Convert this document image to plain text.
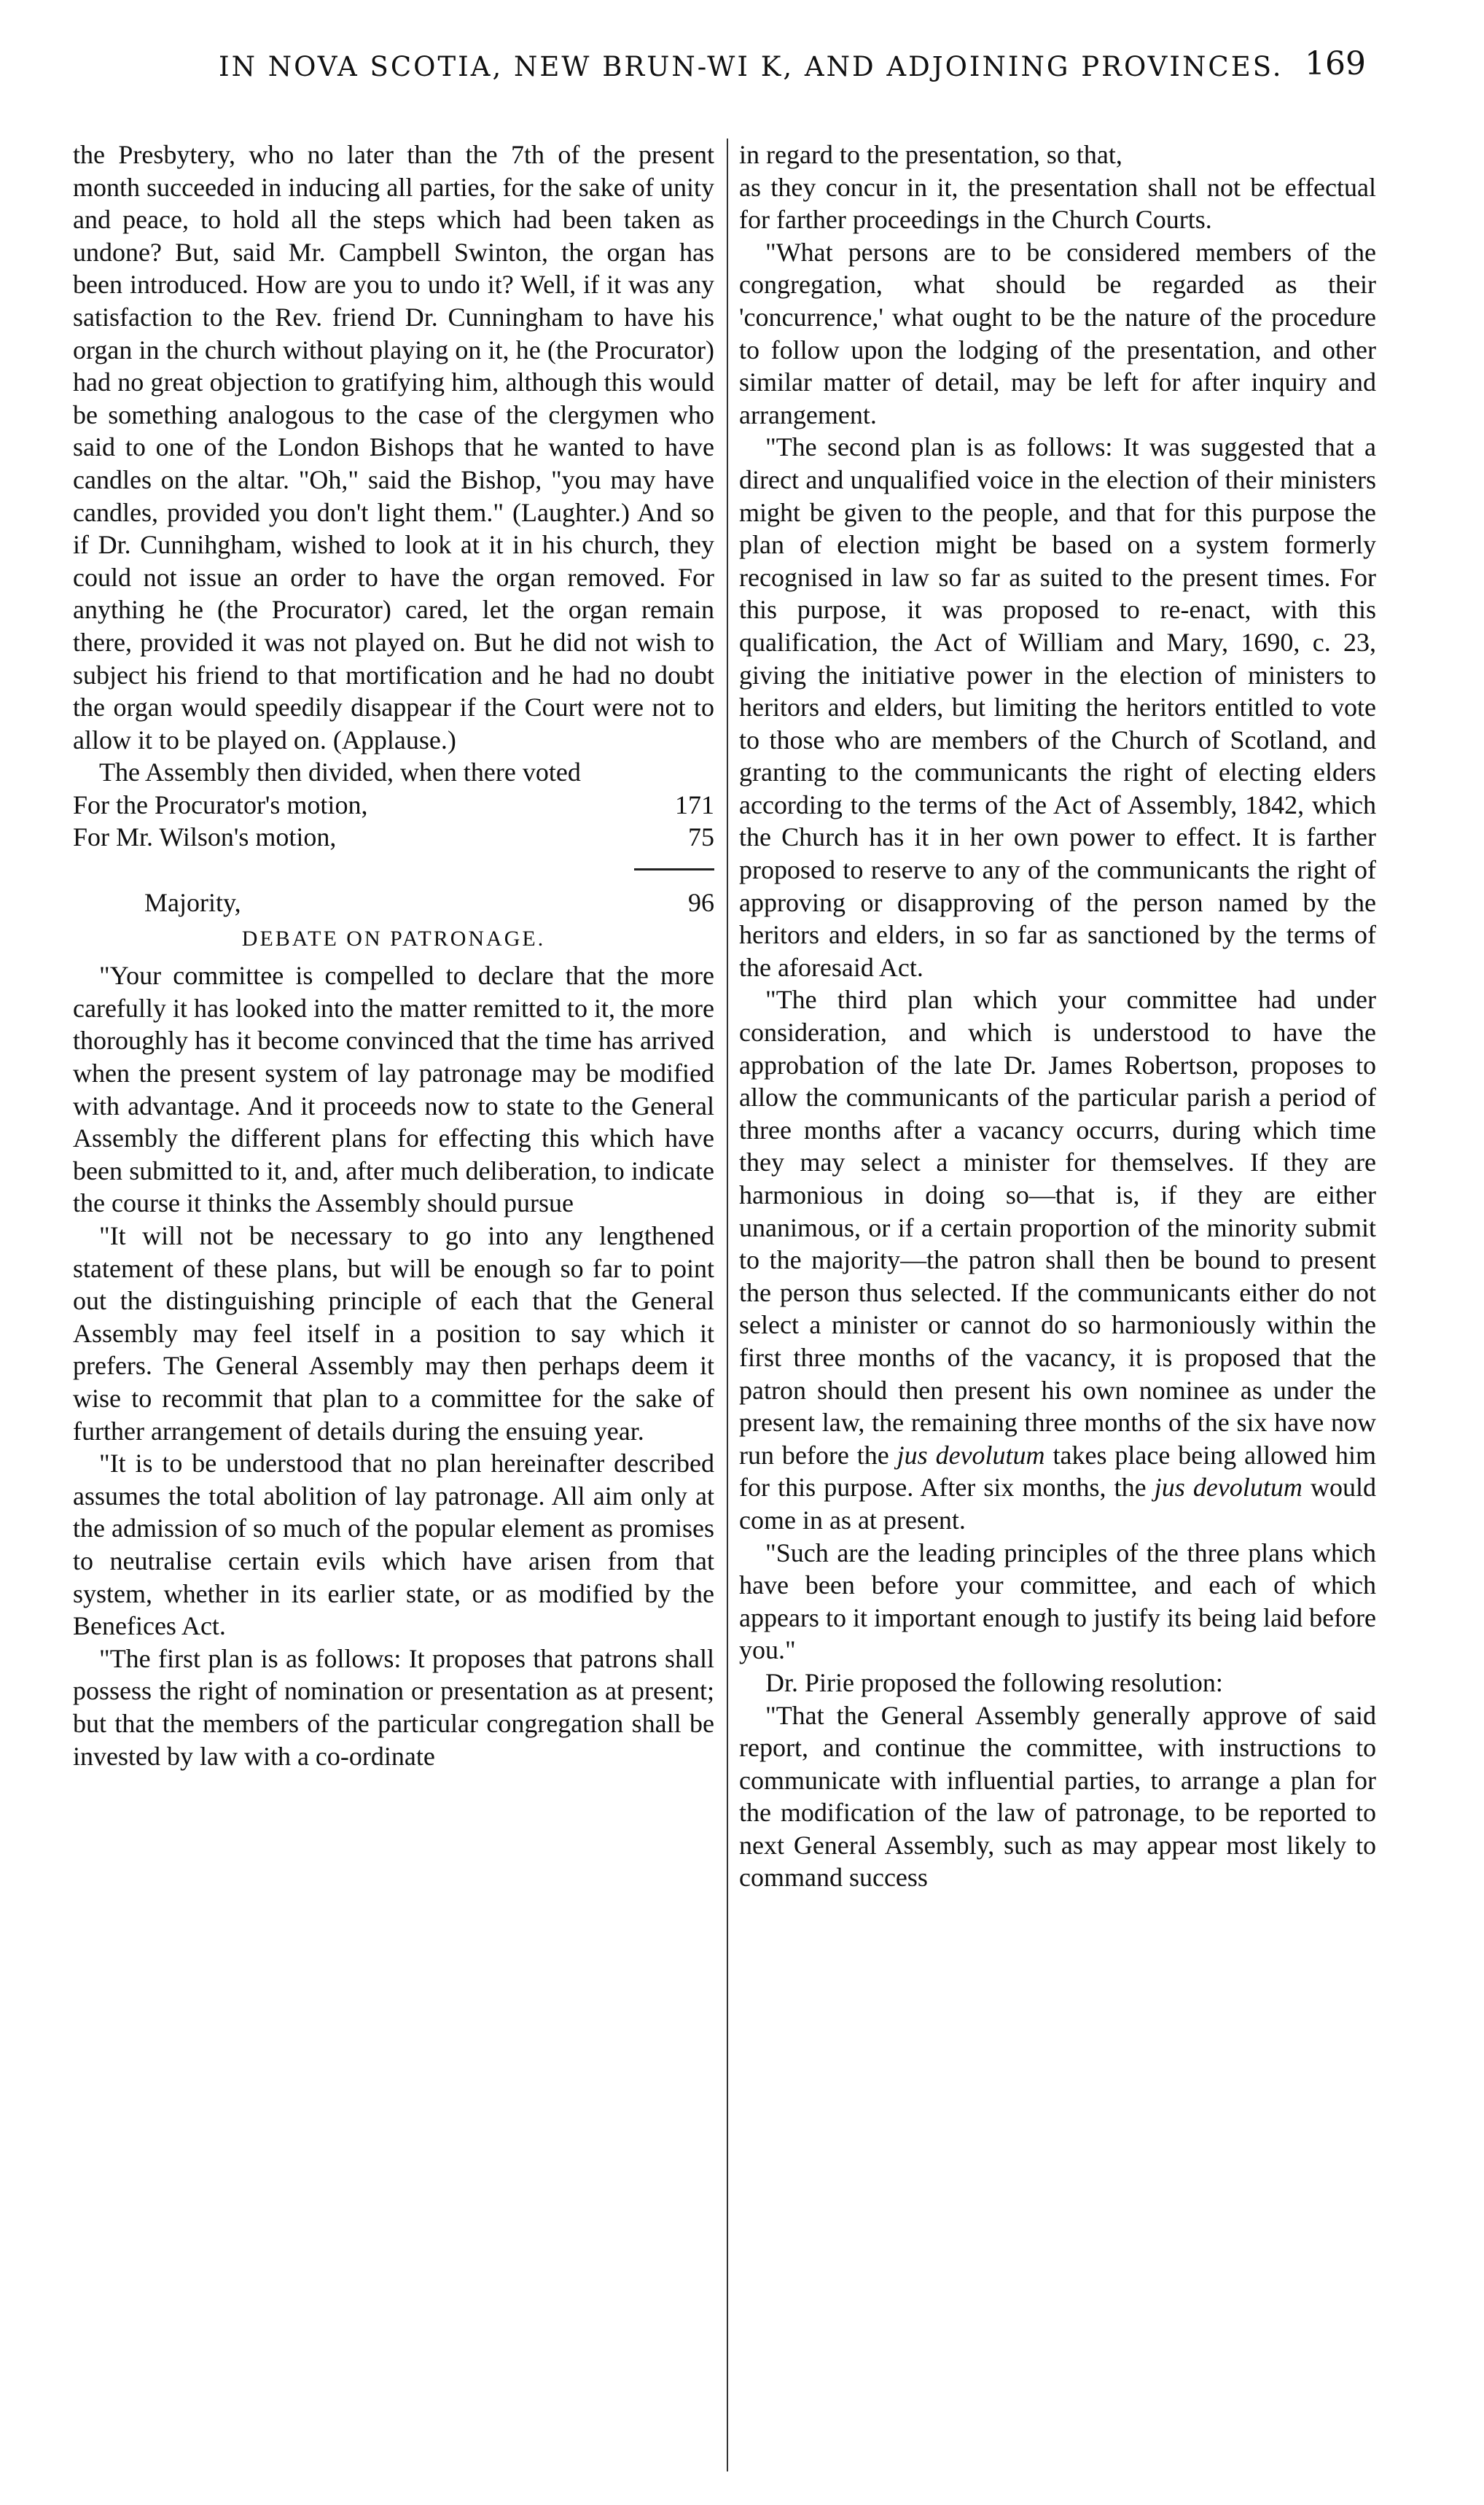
IN NOVA SCOTIA, NEW BRUN-WI K, AND ADJOINING PROVINCES. 169

the Presbytery, who no later than the 7th of the present month succeeded in inducing all parties, for the sake of unity and peace, to hold all the steps which had been taken as undone? But, said Mr. Campbell Swinton, the organ has been introduced. How are you to undo it? Well, if it was any satisfaction to the Rev. friend Dr. Cunningham to have his organ in the church without playing on it, he (the Procurator) had no great objection to gratifying him, although this would be something analogous to the case of the clergymen who said to one of the London Bishops that he wanted to have candles on the altar. "Oh," said the Bishop, "you may have candles, provided you don't light them." (Laughter.) And so if Dr. Cunnihgham, wished to look at it in his church, they could not issue an order to have the organ removed. For anything he (the Procurator) cared, let the organ remain there, provided it was not played on. But he did not wish to subject his friend to that mortification and he had no doubt the organ would speedily disappear if the Court were not to allow it to be played on. (Applause.)

The Assembly then divided, when there voted

For the Procurator's motion,	171
For Mr. Wilson's motion,	75
Majority,	96
DEBATE ON PATRONAGE.

"Your committee is compelled to declare that the more carefully it has looked into the matter remitted to it, the more thoroughly has it become convinced that the time has arrived when the present system of lay patronage may be modified with advantage. And it proceeds now to state to the General Assembly the different plans for effecting this which have been submitted to it, and, after much deliberation, to indicate the course it thinks the Assembly should pursue

"It will not be necessary to go into any lengthened statement of these plans, but will be enough so far to point out the distinguishing principle of each that the General Assembly may feel itself in a position to say which it prefers. The General Assembly may then perhaps deem it wise to recommit that plan to a committee for the sake of further arrangement of details during the ensuing year.

"It is to be understood that no plan hereinafter described assumes the total abolition of lay patronage. All aim only at the admission of so much of the popular element as promises to neutralise certain evils which have arisen from that system, whether in its earlier state, or as modified by the Benefices Act.

"The first plan is as follows: It proposes that patrons shall possess the right of nomination or presentation as at present; but that the members of the particular congregation shall be invested by law with a co-ordinate

in regard to the presentation, so that,

as they concur in it, the presentation shall not be effectual for farther proceedings in the Church Courts.

"What persons are to be considered members of the congregation, what should be regarded as their 'concurrence,' what ought to be the nature of the procedure to follow upon the lodging of the presentation, and other similar matter of detail, may be left for after inquiry and arrangement.

"The second plan is as follows: It was suggested that a direct and unqualified voice in the election of their ministers might be given to the people, and that for this purpose the plan of election might be based on a system formerly recognised in law so far as suited to the present times. For this purpose, it was proposed to re-enact, with this qualification, the Act of William and Mary, 1690, c. 23, giving the initiative power in the election of ministers to heritors and elders, but limiting the heritors entitled to vote to those who are members of the Church of Scotland, and granting to the communicants the right of electing elders according to the terms of the Act of Assembly, 1842, which the Church has it in her own power to effect. It is farther proposed to reserve to any of the communicants the right of approving or disapproving of the person named by the heritors and elders, in so far as sanctioned by the terms of the aforesaid Act.

"The third plan which your committee had under consideration, and which is understood to have the approbation of the late Dr. James Robertson, proposes to allow the communicants of the particular parish a period of three months after a vacancy occurrs, during which time they may select a minister for themselves. If they are harmonious in doing so—that is, if they are either unanimous, or if a certain proportion of the minority submit to the majority—the patron shall then be bound to present the person thus selected. If the communicants either do not select a minister or cannot do so harmoniously within the first three months of the vacancy, it is proposed that the patron should then present his own nominee as under the present law, the remaining three months of the six have now run before the jus devolutum takes place being allowed him for this purpose. After six months, the jus devolutum would come in as at present.

"Such are the leading principles of the three plans which have been before your committee, and each of which appears to it important enough to justify its being laid before you."

Dr. Pirie proposed the following resolution:

"That the General Assembly generally approve of said report, and continue the committee, with instructions to communicate with influential parties, to arrange a plan for the modification of the law of patronage, to be reported to next General Assembly, such as may appear most likely to command success
